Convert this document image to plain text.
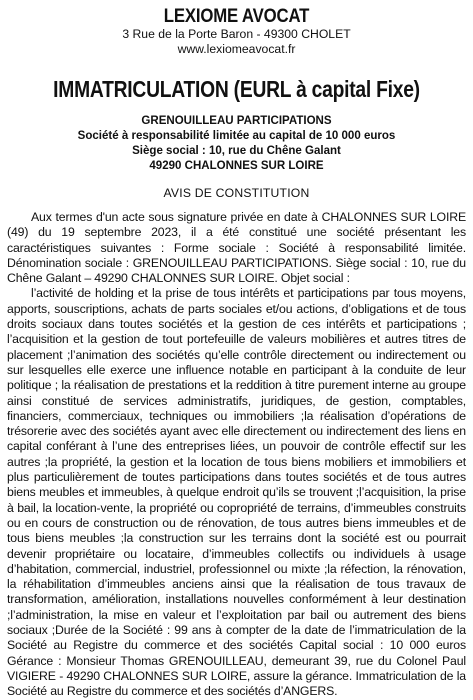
LEXIOME AVOCAT
3 Rue de la Porte Baron - 49300 CHOLET
www.lexiomeavocat.fr
IMMATRICULATION (EURL à capital Fixe)
GRENOUILLEAU PARTICIPATIONS
Société à responsabilité limitée au capital de 10 000 euros
Siège social : 10, rue du Chêne Galant
49290 CHALONNES SUR LOIRE
AVIS DE CONSTITUTION

Aux termes d'un acte sous signature privée en date à CHALONNES SUR LOIRE (49) du 19 septembre 2023, il a été constitué une société présentant les caractéristiques suivantes : Forme sociale : Société à responsabilité limitée. Dénomination sociale : GRENOUILLEAU PARTICIPATIONS. Siège social : 10, rue du Chêne Galant – 49290 CHALONNES SUR LOIRE. Objet social :

l’activité de holding et la prise de tous intérêts et participations par tous moyens, apports, souscriptions, achats de parts sociales et/ou actions, d’obligations et de tous droits sociaux dans toutes sociétés et la gestion de ces intérêts et participations ; l’acquisition et la gestion de tout portefeuille de valeurs mobilières et autres titres de placement ;l’animation des sociétés qu’elle contrôle directement ou indirectement ou sur lesquelles elle exerce une influence notable en participant à la conduite de leur politique ; la réalisation de prestations et la reddition à titre purement interne au groupe ainsi constitué de services administratifs, juridiques, de gestion, comptables, financiers, commerciaux, techniques ou immobiliers ;la réalisation d’opérations de trésorerie avec des sociétés ayant avec elle directement ou indirectement des liens en capital conférant à l’une des entreprises liées, un pouvoir de contrôle effectif sur les autres ;la propriété, la gestion et la location de tous biens mobiliers et immobiliers et plus particulièrement de toutes participations dans toutes sociétés et de tous autres biens meubles et immeubles, à quelque endroit qu’ils se trouvent ;l’acquisition, la prise à bail, la location-vente, la propriété ou copropriété de terrains, d’immeubles construits ou en cours de construction ou de rénovation, de tous autres biens immeubles et de tous biens meubles ;la construction sur les terrains dont la société est ou pourrait devenir propriétaire ou locataire, d’immeubles collectifs ou individuels à usage d’habitation, commercial, industriel, professionnel ou mixte ;la réfection, la rénovation, la réhabilitation d’immeubles anciens ainsi que la réalisation de tous travaux de transformation, amélioration, installations nouvelles conformément à leur destination ;l’administration, la mise en valeur et l’exploitation par bail ou autrement des biens sociaux ;Durée de la Société : 99 ans à compter de la date de l’immatriculation de la Société au Registre du commerce et des sociétés Capital social : 10 000 euros Gérance : Monsieur Thomas GRENOUILLEAU, demeurant 39, rue du Colonel Paul VIGIERE - 49290 CHALONNES SUR LOIRE, assure la gérance. Immatriculation de la Société au Registre du commerce et des sociétés d’ANGERS.
